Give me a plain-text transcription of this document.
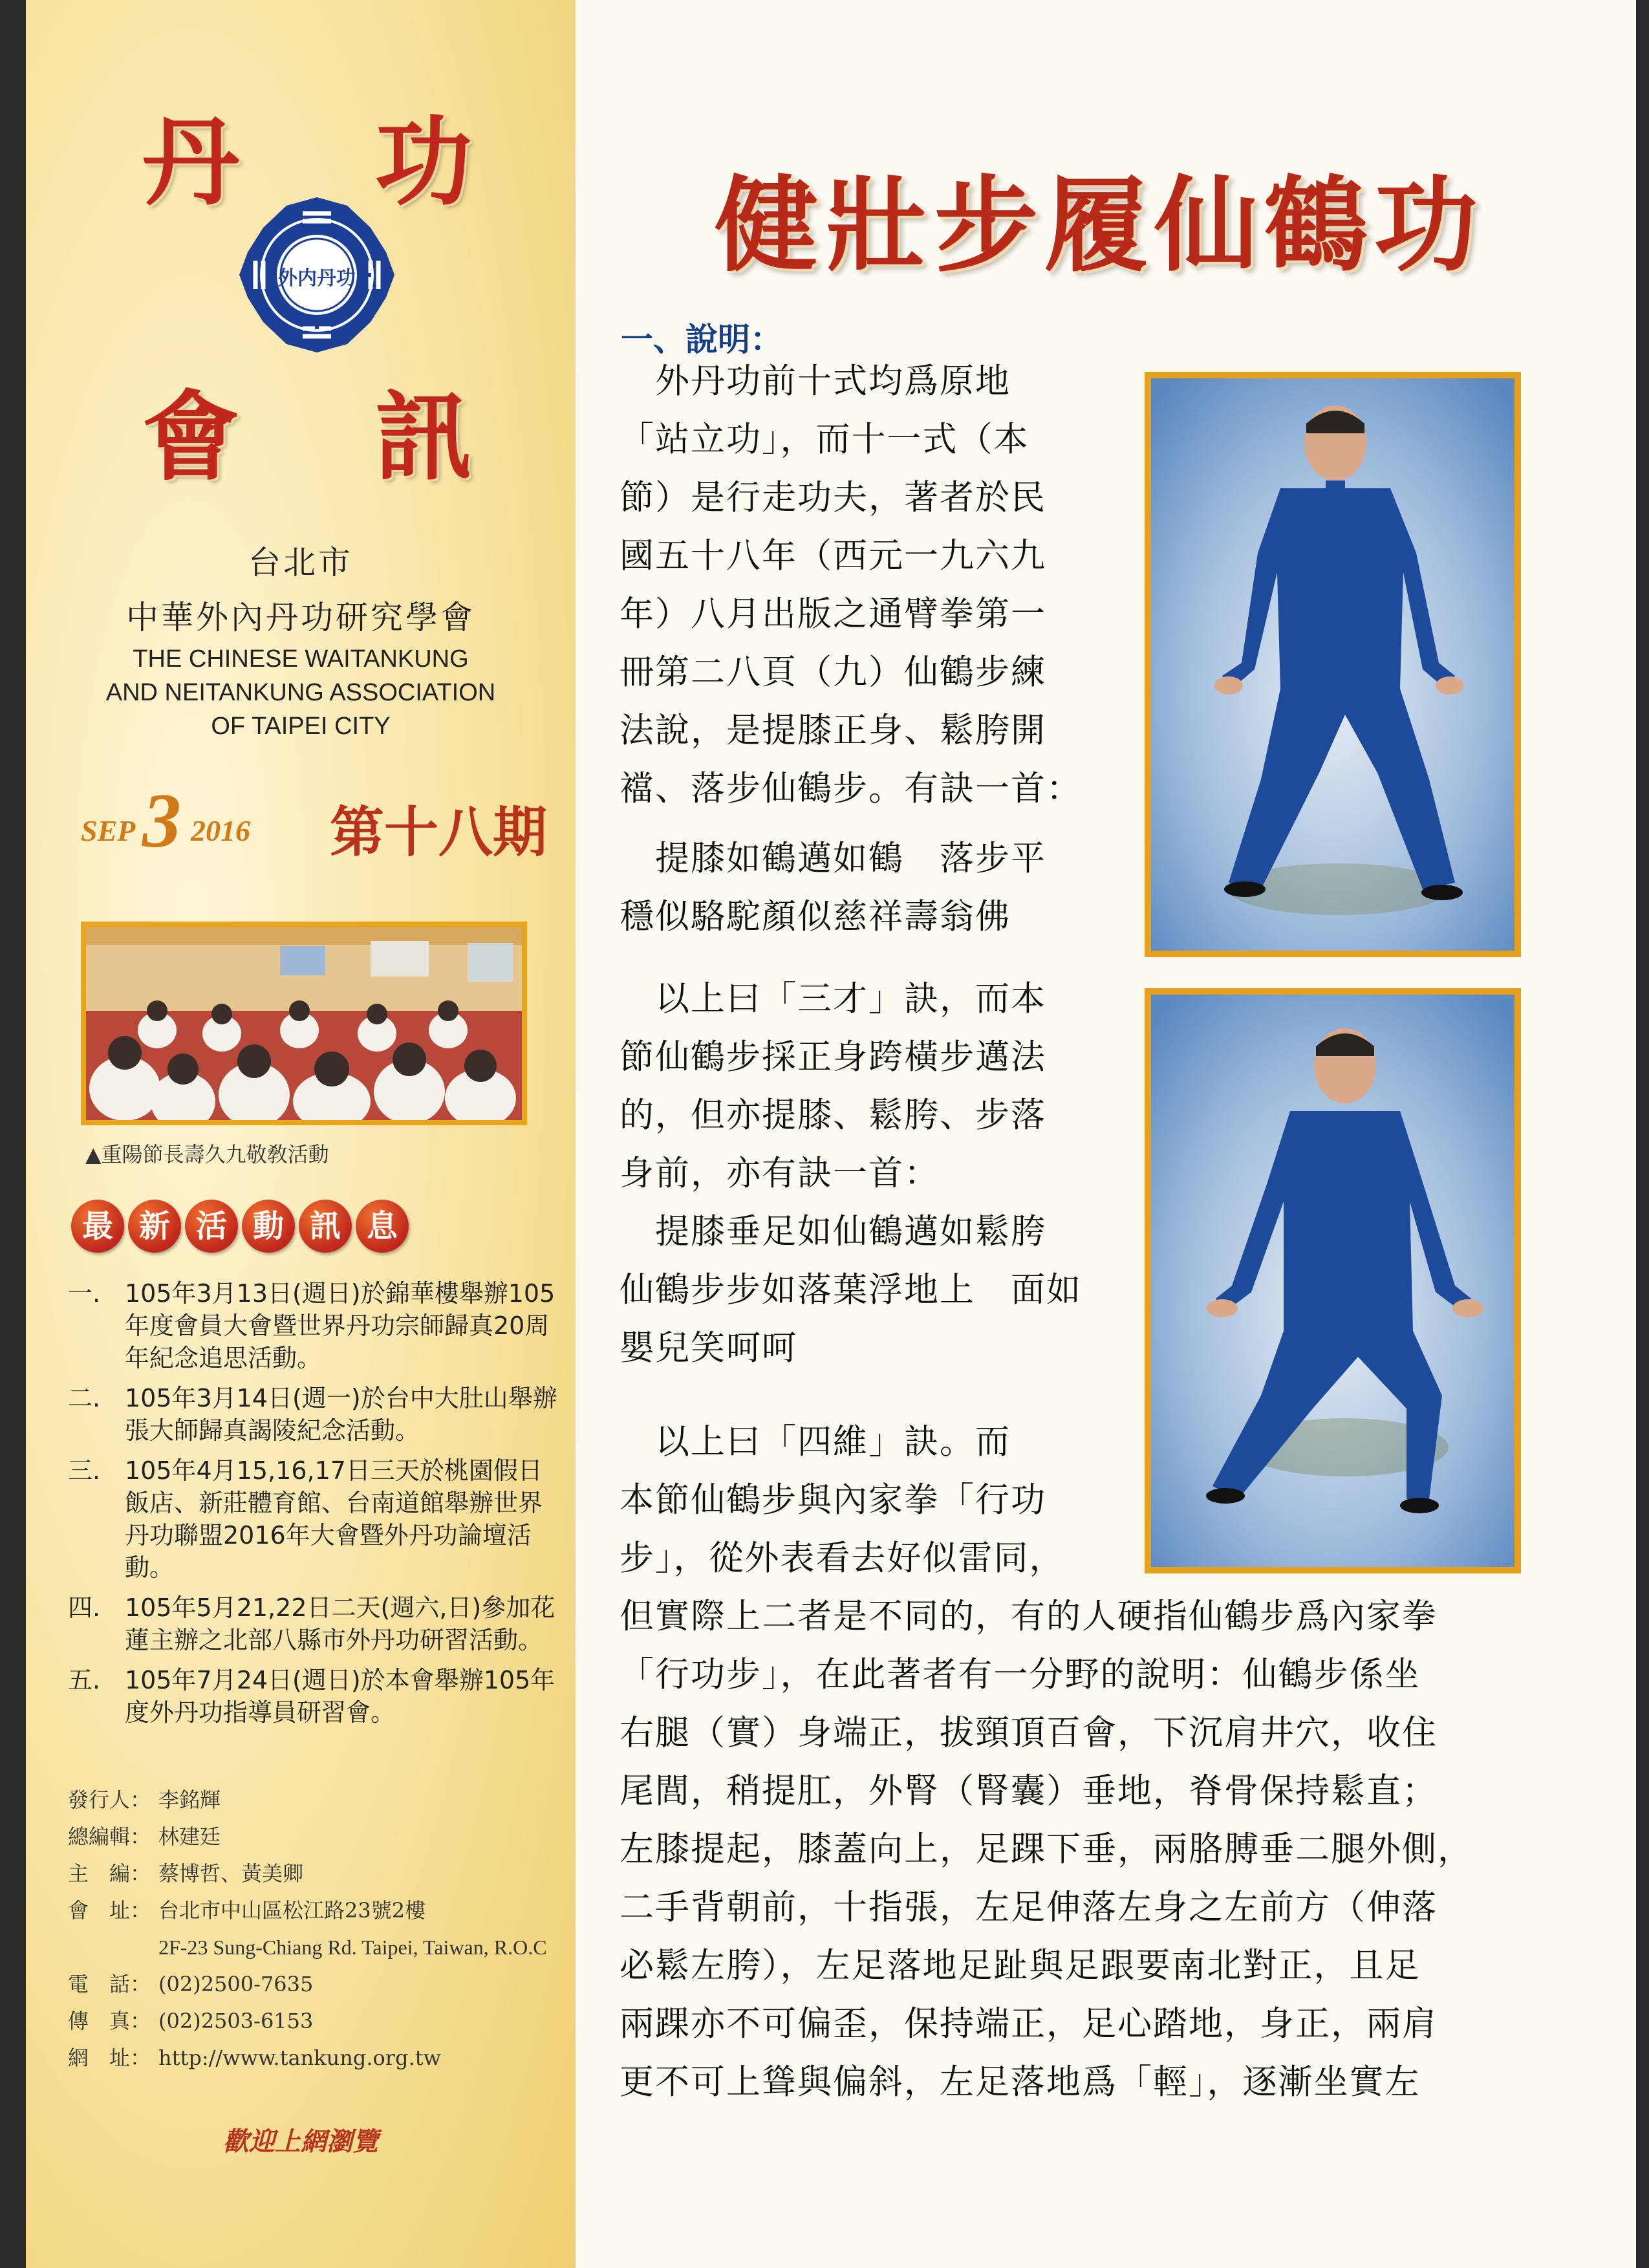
丹 功
會 訊
外内丹功
台北市
中華外內丹功研究學會
THE CHINESE WAITANKUNG
AND NEITANKUNG ASSOCIATION
OF TAIPEI CITY
SEP 3 2016 第十八期
▲重陽節長壽久九敬敎活動
最 新 活 動 訊 息
一. 105年3月13日(週日)於錦華樓舉辦105年度會員大會暨世界丹功宗師歸真20周年紀念追思活動。
二. 105年3月14日(週一)於台中大肚山舉辦張大師歸真謁陵紀念活動。
三. 105年4月15,16,17日三天於桃園假日飯店、新莊體育館、台南道館舉辦世界丹功聯盟2016年大會暨外丹功論壇活動。
四. 105年5月21,22日二天(週六,日)參加花蓮主辦之北部八縣市外丹功研習活動。
五. 105年7月24日(週日)於本會舉辦105年度外丹功指導員研習會。
發行人： 李銘輝
總編輯： 林建廷
主　編： 蔡博哲、黃美卿
會　址： 台北市中山區松江路23號2樓
2F-23 Sung-Chiang Rd. Taipei, Taiwan, R.O.C
電　話： (02)2500-7635
傳　真： (02)2503-6153
網　址： http://www.tankung.org.tw
歡迎上網瀏覽
健壯步履仙鶴功
一、說明：
　外丹功前十式均爲原地
「站立功」，而十一式（本
節）是行走功夫，著者於民
國五十八年（西元一九六九
年）八月出版之通臂拳第一
冊第二八頁（九）仙鶴步練
法說，是提膝正身、鬆胯開
襠、落步仙鶴步。有訣一首：
　提膝如鶴邁如鶴　落步平
穩似駱駝顏似慈祥壽翁佛
　以上曰「三才」訣，而本
節仙鶴步採正身跨橫步邁法
的，但亦提膝、鬆胯、步落
身前，亦有訣一首：
　提膝垂足如仙鶴邁如鬆胯
仙鶴步步如落葉浮地上　面如
嬰兒笑呵呵
　以上曰「四維」訣。而
本節仙鶴步與內家拳「行功
步」，從外表看去好似雷同，
但實際上二者是不同的，有的人硬指仙鶴步爲內家拳
「行功步」，在此著者有一分野的說明：仙鶴步係坐
右腿（實）身端正，拔頸頂百會，下沉肩井穴，收住
尾閭，稍提肛，外腎（腎囊）垂地，脊骨保持鬆直；
左膝提起，膝蓋向上，足踝下垂，兩胳膊垂二腿外側，
二手背朝前，十指張，左足伸落左身之左前方（伸落
必鬆左胯），左足落地足趾與足跟要南北對正，且足
兩踝亦不可偏歪，保持端正，足心踏地，身正，兩肩
更不可上聳與偏斜，左足落地爲「輕」，逐漸坐實左
